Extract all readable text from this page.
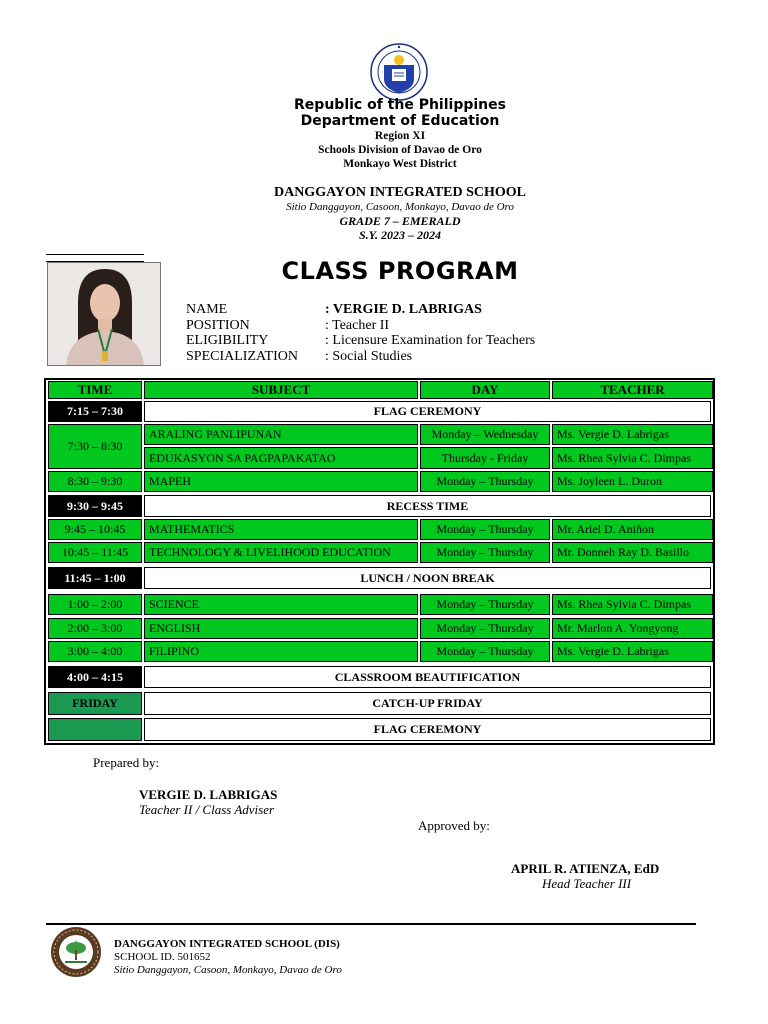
Republic of the Philippines
Department of Education
Region XI
Schools Division of Davao de Oro
Monkayo West District
DANGGAYON INTEGRATED SCHOOL
Sitio Danggayon, Casoon, Monkayo, Davao de Oro
GRADE 7 – EMERALD
S.Y. 2023 – 2024
CLASS PROGRAM
NAME	: VERGIE D. LABRIGAS
POSITION	: Teacher II
ELIGIBILITY	: Licensure Examination for Teachers
SPECIALIZATION : Social Studies
TIME	SUBJECT	DAY	TEACHER
7:15 – 7:30	FLAG CEREMONY
7:30 – 8:30
ARALING PANLIPUNAN	Monday – Wednesday	Ms. Vergie D. Labrigas
EDUKASYON SA PAGPAPAKATAO	Thursday - Friday	Ms. Rhea Sylvia C. Dimpas
8:30 – 9:30	MAPEH	Monday – Thursday	Ms. Joyleen L. Duron
9:30 – 9:45	RECESS TIME
9:45 – 10:45	MATHEMATICS	Monday – Thursday	Mr. Ariel D. Aniñon
10:45 – 11:45	TECHNOLOGY & LIVELIHOOD EDUCATION	Monday – Thursday	Mr. Donneh Ray D. Basillo
11:45 – 1:00	LUNCH / NOON BREAK
1:00 – 2:00	SCIENCE	Monday – Thursday	Ms. Rhea Sylvia C. Dimpas
2:00 – 3:00	ENGLISH	Monday – Thursday	Mr. Marlon A. Yongyong
3:00 – 4:00	FILIPINO	Monday – Thursday	Ms. Vergie D. Labrigas
4:00 – 4:15	CLASSROOM BEAUTIFICATION
FRIDAY	CATCH-UP FRIDAY
FLAG CEREMONY
Prepared by:
VERGIE D. LABRIGAS
Teacher II / Class Adviser
Approved by:
APRIL R. ATIENZA, EdD
Head Teacher III
DANGGAYON INTEGRATED SCHOOL (DIS)
SCHOOL ID. 501652
Sitio Danggayon, Casoon, Monkayo, Davao de Oro
